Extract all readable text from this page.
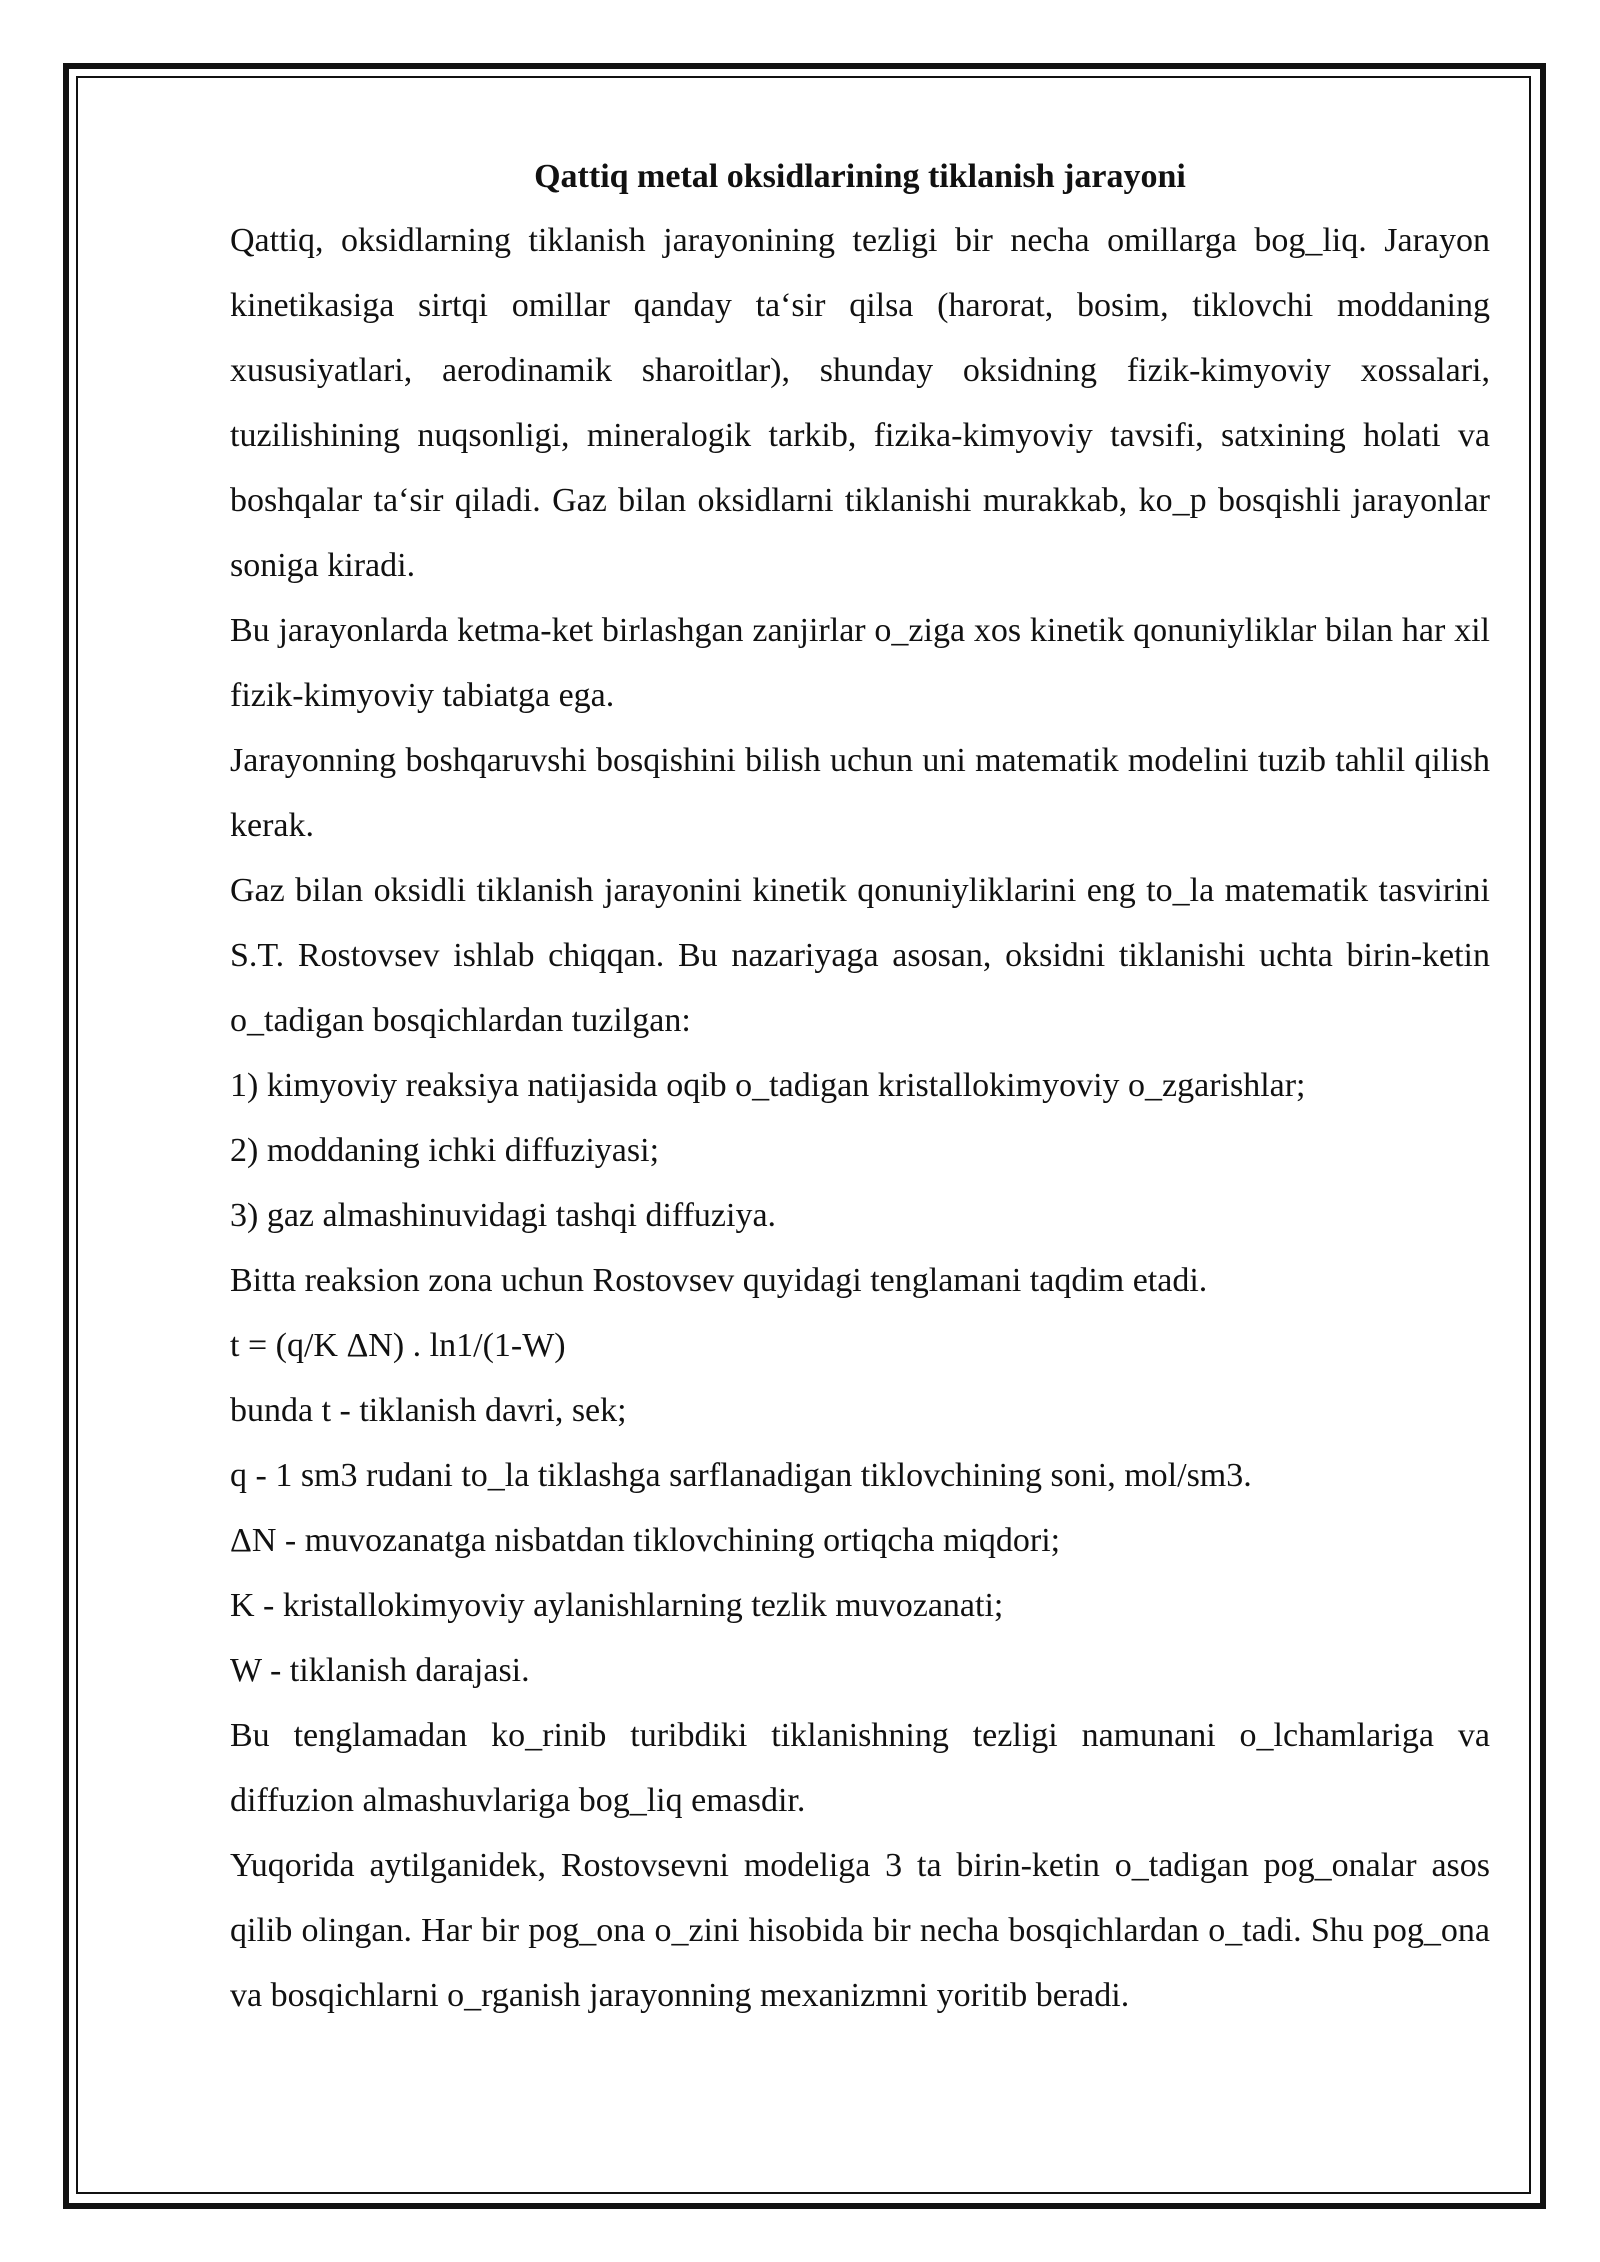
Qattiq metal oksidlarining tiklanish jarayoni

Qattiq, oksidlarning tiklanish jarayonining tezligi bir necha omillarga bog_liq. Jarayon kinetikasiga sirtqi omillar qanday ta‘sir qilsa (harorat, bosim, tiklovchi moddaning xususiyatlari, aerodinamik sharoitlar), shunday oksidning fizik-kimyoviy xossalari, tuzilishining nuqsonligi, mineralogik tarkib, fizika-kimyoviy tavsifi, satxining holati va boshqalar ta‘sir qiladi. Gaz bilan oksidlarni tiklanishi murakkab, ko_p bosqishli jarayonlar soniga kiradi.

Bu jarayonlarda ketma-ket birlashgan zanjirlar o_ziga xos kinetik qonuniyliklar bilan har xil fizik-kimyoviy tabiatga ega.

Jarayonning boshqaruvshi bosqishini bilish uchun uni matematik modelini tuzib tahlil qilish kerak.

Gaz bilan oksidli tiklanish jarayonini kinetik qonuniyliklarini eng to_la matematik tasvirini S.T. Rostovsev ishlab chiqqan. Bu nazariyaga asosan, oksidni tiklanishi uchta birin-ketin o_tadigan bosqichlardan tuzilgan:

1) kimyoviy reaksiya natijasida oqib o_tadigan kristallokimyoviy o_zgarishlar;

2) moddaning ichki diffuziyasi;

3) gaz almashinuvidagi tashqi diffuziya.

Bitta reaksion zona uchun Rostovsev quyidagi tenglamani taqdim etadi.

t = (q/K ΔN) . ln1/(1-W)

bunda t - tiklanish davri, sek;

q - 1 sm3 rudani to_la tiklashga sarflanadigan tiklovchining soni, mol/sm3.

ΔN - muvozanatga nisbatdan tiklovchining ortiqcha miqdori;

K - kristallokimyoviy aylanishlarning tezlik muvozanati;

W - tiklanish darajasi.

Bu tenglamadan ko_rinib turibdiki tiklanishning tezligi namunani o_lchamlariga va diffuzion almashuvlariga bog_liq emasdir.

Yuqorida aytilganidek, Rostovsevni modeliga 3 ta birin-ketin o_tadigan pog_onalar asos qilib olingan. Har bir pog_ona o_zini hisobida bir necha bosqichlardan o_tadi. Shu pog_ona va bosqichlarni o_rganish jarayonning mexanizmni yoritib beradi.
